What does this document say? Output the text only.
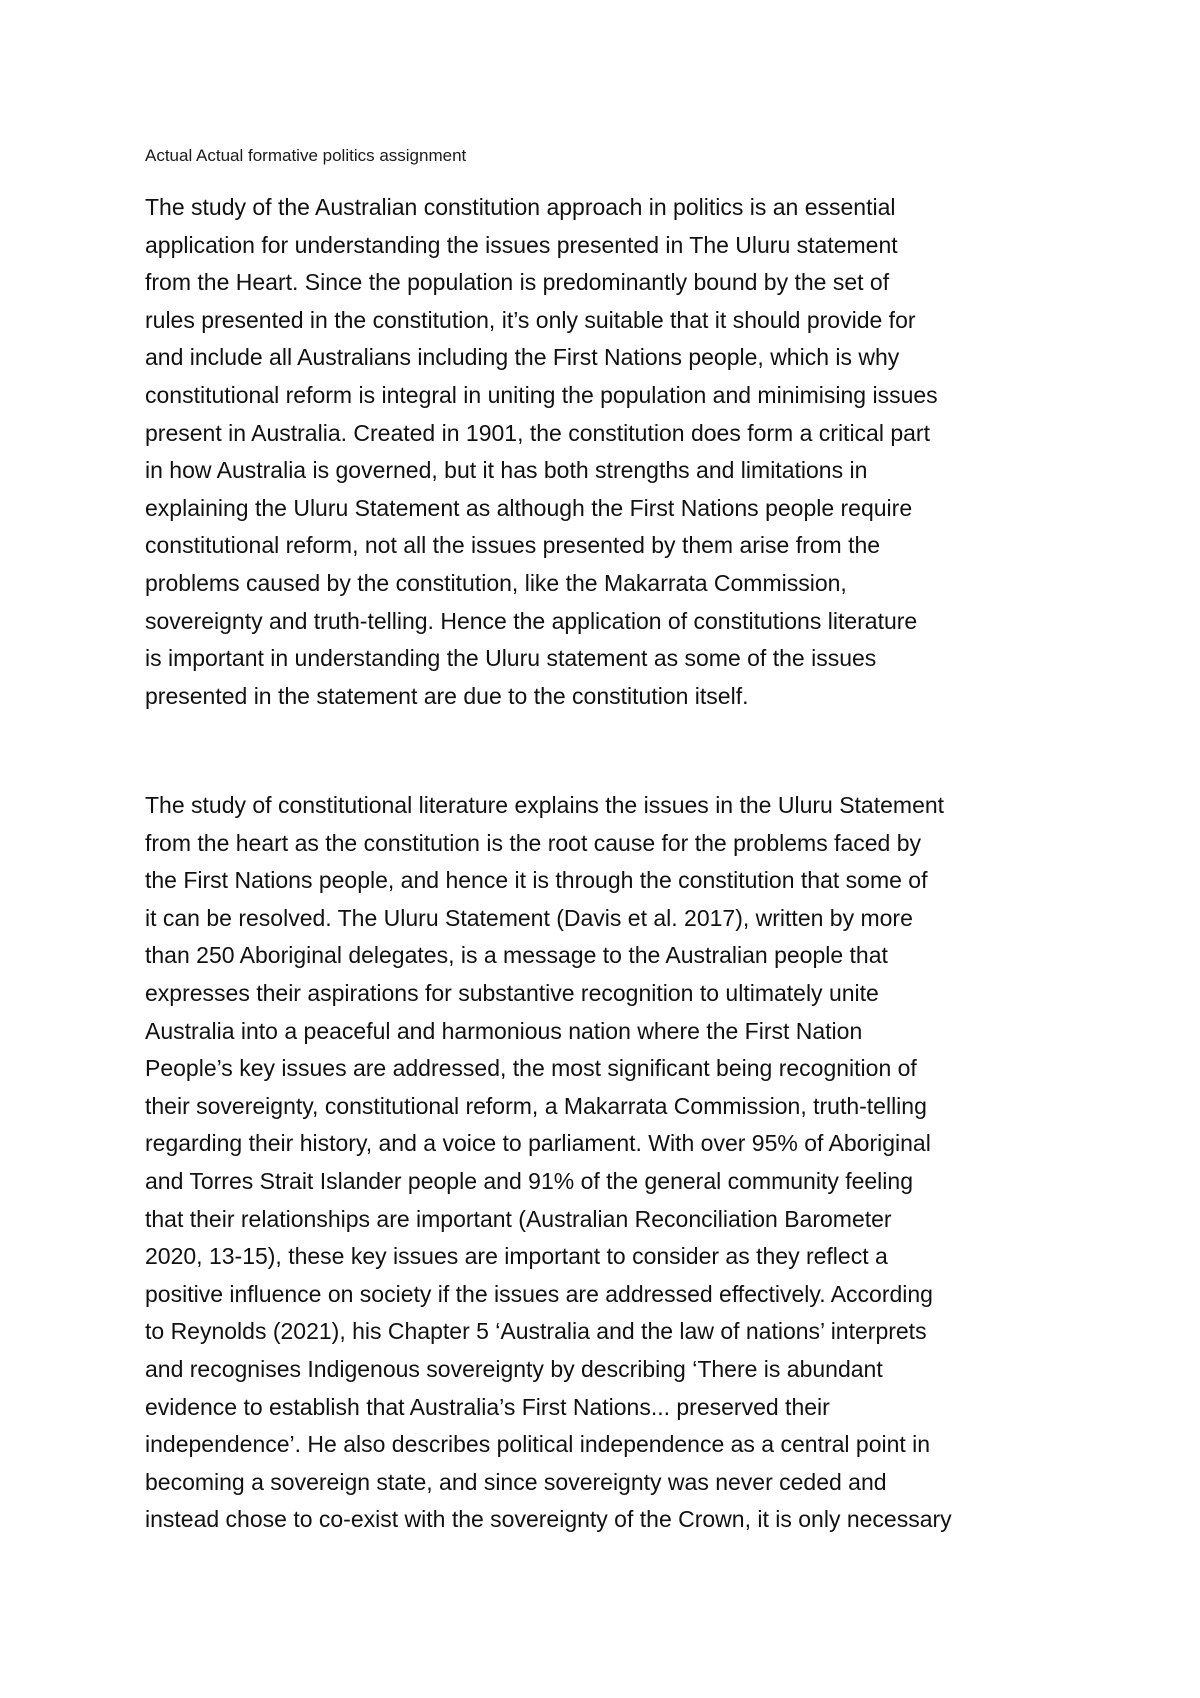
Actual Actual formative politics assignment
The study of the Australian constitution approach in politics is an essential
application for understanding the issues presented in The Uluru statement
from the Heart. Since the population is predominantly bound by the set of
rules presented in the constitution, it’s only suitable that it should provide for
and include all Australians including the First Nations people, which is why
constitutional reform is integral in uniting the population and minimising issues
present in Australia. Created in 1901, the constitution does form a critical part
in how Australia is governed, but it has both strengths and limitations in
explaining the Uluru Statement as although the First Nations people require
constitutional reform, not all the issues presented by them arise from the
problems caused by the constitution, like the Makarrata Commission,
sovereignty and truth-telling. Hence the application of constitutions literature
is important in understanding the Uluru statement as some of the issues
presented in the statement are due to the constitution itself.
The study of constitutional literature explains the issues in the Uluru Statement
from the heart as the constitution is the root cause for the problems faced by
the First Nations people, and hence it is through the constitution that some of
it can be resolved. The Uluru Statement (Davis et al. 2017), written by more
than 250 Aboriginal delegates, is a message to the Australian people that
expresses their aspirations for substantive recognition to ultimately unite
Australia into a peaceful and harmonious nation where the First Nation
People’s key issues are addressed, the most significant being recognition of
their sovereignty, constitutional reform, a Makarrata Commission, truth-telling
regarding their history, and a voice to parliament. With over 95% of Aboriginal
and Torres Strait Islander people and 91% of the general community feeling
that their relationships are important (Australian Reconciliation Barometer
2020, 13-15), these key issues are important to consider as they reflect a
positive influence on society if the issues are addressed effectively. According
to Reynolds (2021), his Chapter 5 ‘Australia and the law of nations’ interprets
and recognises Indigenous sovereignty by describing ‘There is abundant
evidence to establish that Australia’s First Nations... preserved their
independence’. He also describes political independence as a central point in
becoming a sovereign state, and since sovereignty was never ceded and
instead chose to co-exist with the sovereignty of the Crown, it is only necessary
